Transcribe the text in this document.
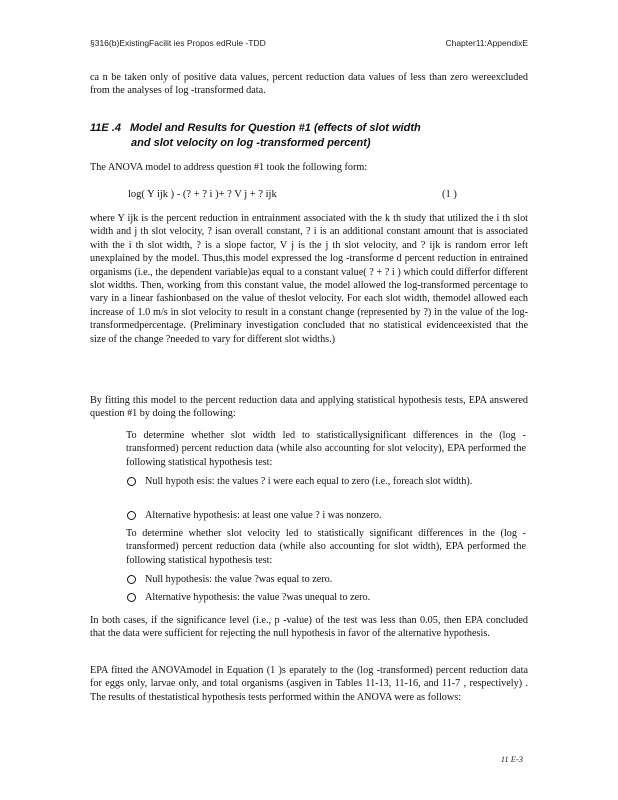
§316(b)ExistingFacilit ies Propos edRule -TDD	Chapter11:AppendixE

ca n be taken only of positive data values, percent reduction data values of less than zero wereexcluded from the analyses of log -transformed data.

11E .4 Model and Results for Question #1 (effects of slot width
and slot velocity on log -transformed percent)

The ANOVA model to address question #1 took the following form:

log( Y ijk ) - (? + ? i )+ ? V j + ? ijk	(1 )

where Y ijk is the percent reduction in entrainment associated with the k th study that utilized the i th slot width and j th slot velocity, ? isan overall constant, ? i is an additional constant amount that is associated with the i th slot width, ? is a slope factor, V j is the j th slot velocity, and ? ijk is random error left unexplained by the model. Thus,this model expressed the log -transforme d percent reduction in entrained organisms (i.e., the dependent variable)as equal to a constant value( ? + ? i ) which could differfor different slot widths. Then, working from this constant value, the model allowed the log-transformed percentage to vary in a linear fashionbased on the value of theslot velocity. For each slot width, themodel allowed each increase of 1.0 m/s in slot velocity to result in a constant change (represented by ?) in the value of the log- transformedpercentage. (Preliminary investigation concluded that no statistical evidenceexisted that the size of the change ?needed to vary for different slot widths.)

By fitting this model to the percent reduction data and applying statistical hypothesis tests, EPA answered question #1 by doing the following:

To determine whether slot width led to statisticallysignificant differences in the (log -transformed) percent reduction data (while also accounting for slot velocity), EPA performed the following statistical hypothesis test:
Null hypoth esis: the values ? i were each equal to zero (i.e., foreach slot width).
Alternative hypothesis: at least one value ? i was nonzero.
To determine whether slot velocity led to statistically significant differences in the (log -transformed) percent reduction data (while also accounting for slot width), EPA performed the following statistical hypothesis test:
Null hypothesis: the value ?was equal to zero.
Alternative hypothesis: the value ?was unequal to zero.

In both cases, if the significance level (i.e., p -value) of the test was less than 0.05, then EPA concluded that the data were sufficient for rejecting the null hypothesis in favor of the alternative hypothesis.

EPA fitted the ANOVAmodel in Equation (1 )s eparately to the (log -transformed) percent reduction data for eggs only, larvae only, and total organisms (asgiven in Tables 11-13, 11-16, and 11-7 , respectively) . The results of thestatistical hypothesis tests performed within the ANOVA were as follows:

11 E-3
